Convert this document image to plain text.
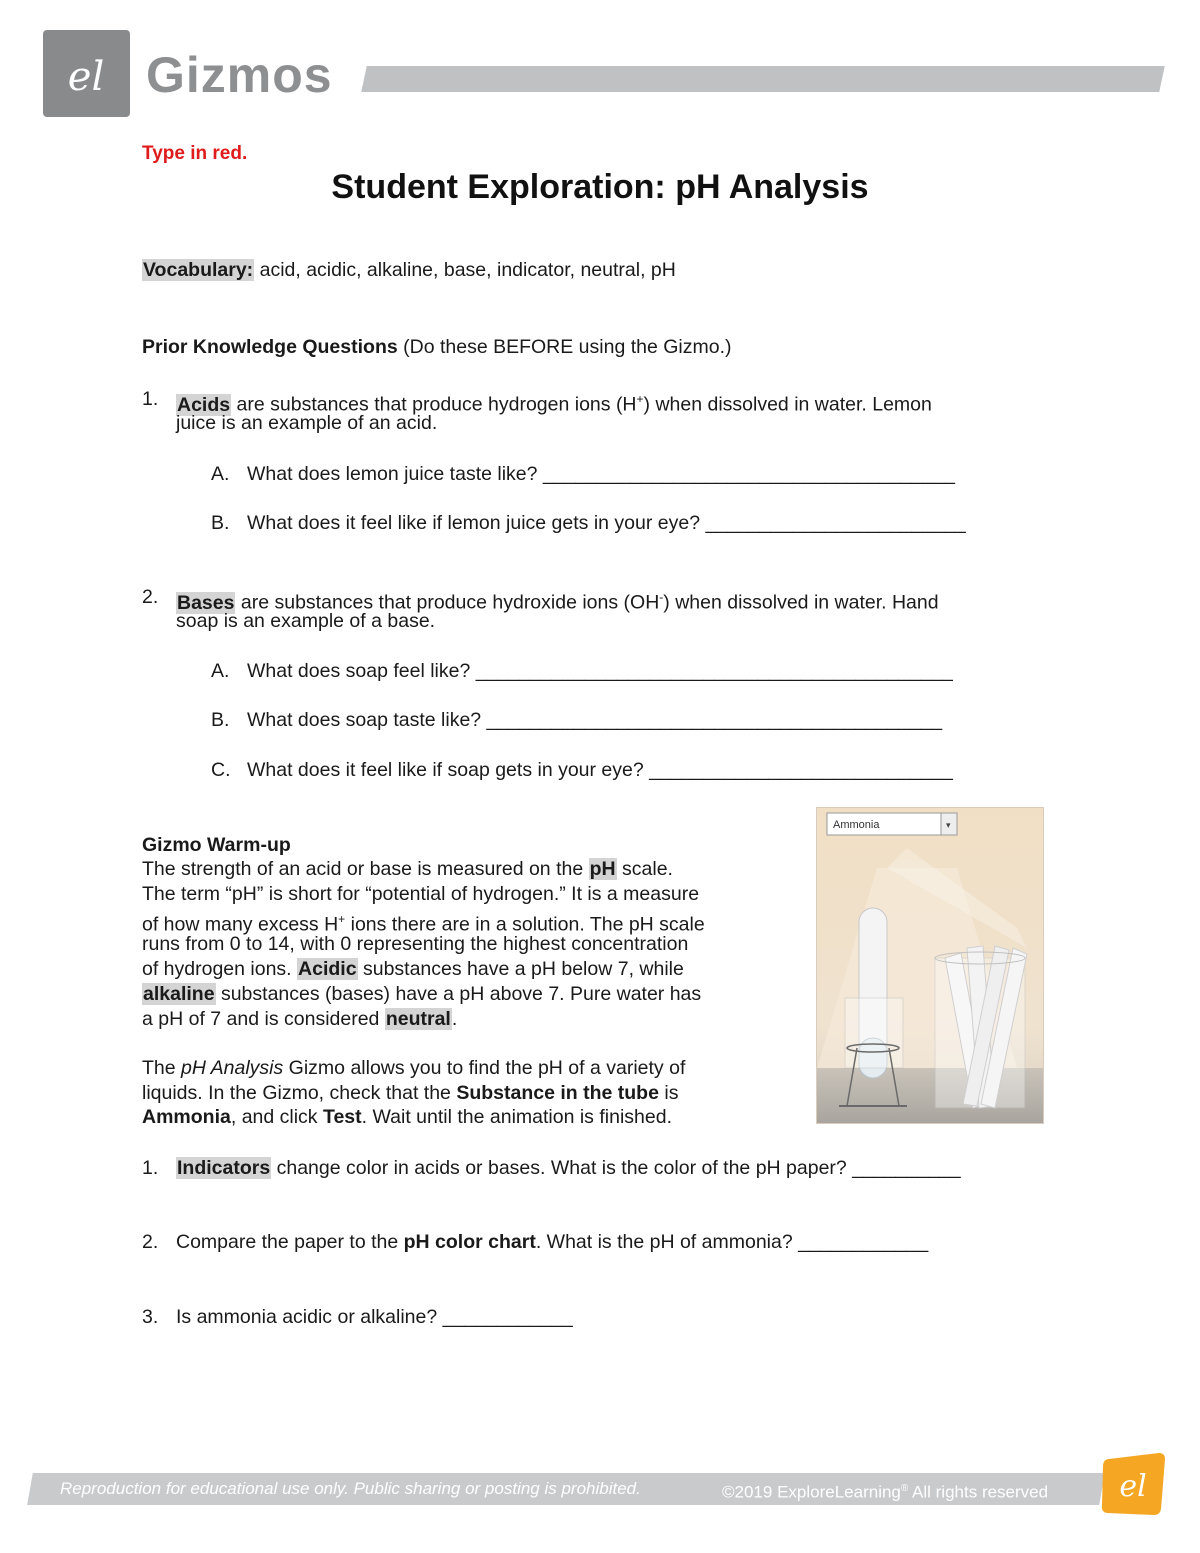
el Gizmos
Type in red.
Student Exploration: pH Analysis
Vocabulary: acid, acidic, alkaline, base, indicator, neutral, pH
Prior Knowledge Questions (Do these BEFORE using the Gizmo.)
1. Acids are substances that produce hydrogen ions (H+) when dissolved in water. Lemon
juice is an example of an acid.
A. What does lemon juice taste like? ______________________________________
B. What does it feel like if lemon juice gets in your eye? ________________________
2. Bases are substances that produce hydroxide ions (OH-) when dissolved in water. Hand
soap is an example of a base.
A. What does soap feel like? ____________________________________________
B. What does soap taste like? __________________________________________
C. What does it feel like if soap gets in your eye? ____________________________
Gizmo Warm-up
The strength of an acid or base is measured on the pH scale.
The term “pH” is short for “potential of hydrogen.” It is a measure
of how many excess H+ ions there are in a solution. The pH scale
runs from 0 to 14, with 0 representing the highest concentration
of hydrogen ions. Acidic substances have a pH below 7, while
alkaline substances (bases) have a pH above 7. Pure water has
a pH of 7 and is considered neutral.
The pH Analysis Gizmo allows you to find the pH of a variety of
liquids. In the Gizmo, check that the Substance in the tube is
Ammonia, and click Test. Wait until the animation is finished.
▾
Ammonia
1. Indicators change color in acids or bases. What is the color of the pH paper? __________
2. Compare the paper to the pH color chart. What is the pH of ammonia? ____________
3. Is ammonia acidic or alkaline? ____________
Reproduction for educational use only. Public sharing or posting is prohibited.	©2019 ExploreLearning® All rights reserved el
